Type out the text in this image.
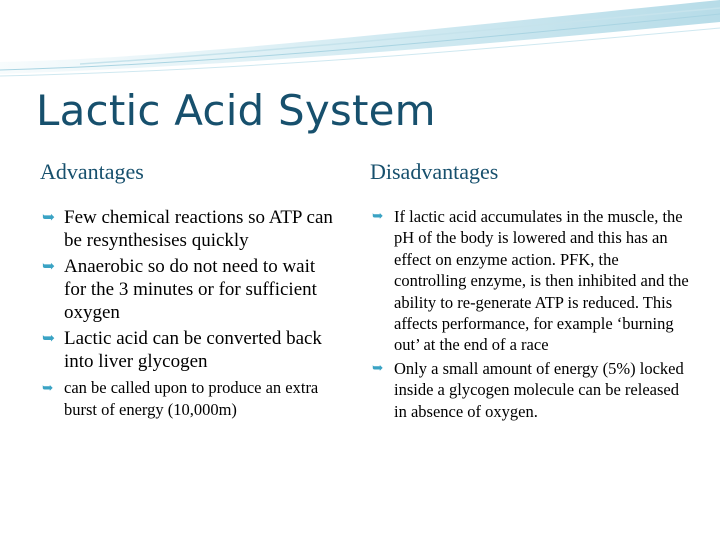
Lactic Acid System
Advantages
➥ Few chemical reactions so ATP can be resynthesises quickly
➥ Anaerobic so do not need to wait for the 3 minutes or for sufficient oxygen
➥ Lactic acid can be converted back into liver glycogen
➥ can be called upon to produce an extra burst of energy (10,000m)
Disadvantages
➥ If lactic acid accumulates in the muscle, the pH of the body is lowered and this has an effect on enzyme action. PFK, the controlling enzyme, is then inhibited and the ability to re-generate ATP is reduced. This affects performance, for example ‘burning out’ at the end of a race
➥ Only a small amount of energy (5%) locked inside a glycogen molecule can be released in absence of oxygen.
